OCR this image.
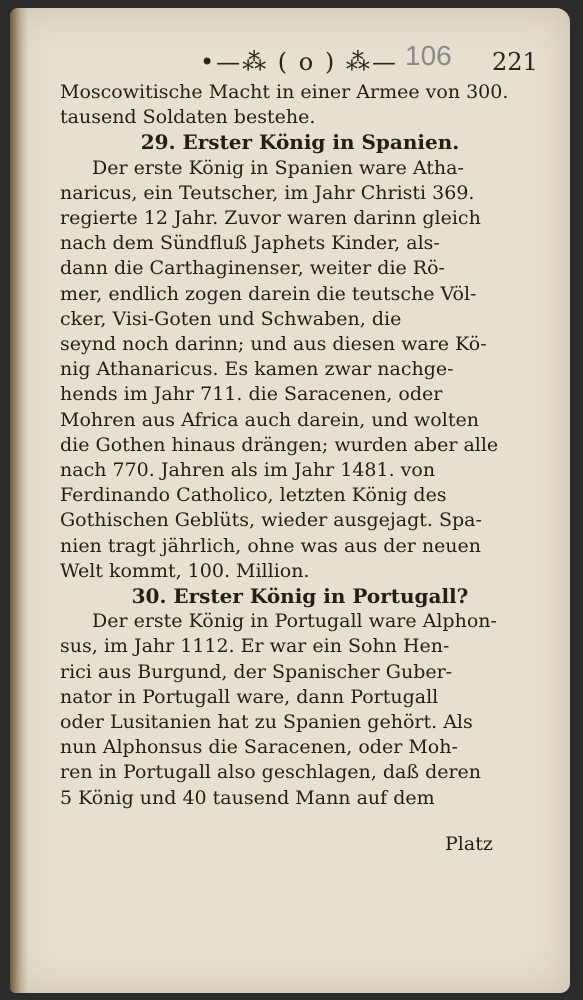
•—⁂ ( o ) ⁂— 106 221
Moscowitische Macht in einer Armee von 300.
tausend Soldaten bestehe.
29. Erster König in Spanien.
Der erste König in Spanien ware Atha-
naricus, ein Teutscher, im Jahr Christi 369.
regierte 12 Jahr. Zuvor waren darinn gleich
nach dem Sündfluß Japhets Kinder, als-
dann die Carthaginenser, weiter die Rö-
mer, endlich zogen darein die teutsche Völ-
cker, Visi-Goten und Schwaben, die
seynd noch darinn; und aus diesen ware Kö-
nig Athanaricus. Es kamen zwar nachge-
hends im Jahr 711. die Saracenen, oder
Mohren aus Africa auch darein, und wolten
die Gothen hinaus drängen; wurden aber alle
nach 770. Jahren als im Jahr 1481. von
Ferdinando Catholico, letzten König des
Gothischen Geblüts, wieder ausgejagt. Spa-
nien tragt jährlich, ohne was aus der neuen
Welt kommt, 100. Million.
30. Erster König in Portugall?
Der erste König in Portugall ware Alphon-
sus, im Jahr 1112. Er war ein Sohn Hen-
rici aus Burgund, der Spanischer Guber-
nator in Portugall ware, dann Portugall
oder Lusitanien hat zu Spanien gehört. Als
nun Alphonsus die Saracenen, oder Moh-
ren in Portugall also geschlagen, daß deren
5 König und 40 tausend Mann auf dem
Platz
